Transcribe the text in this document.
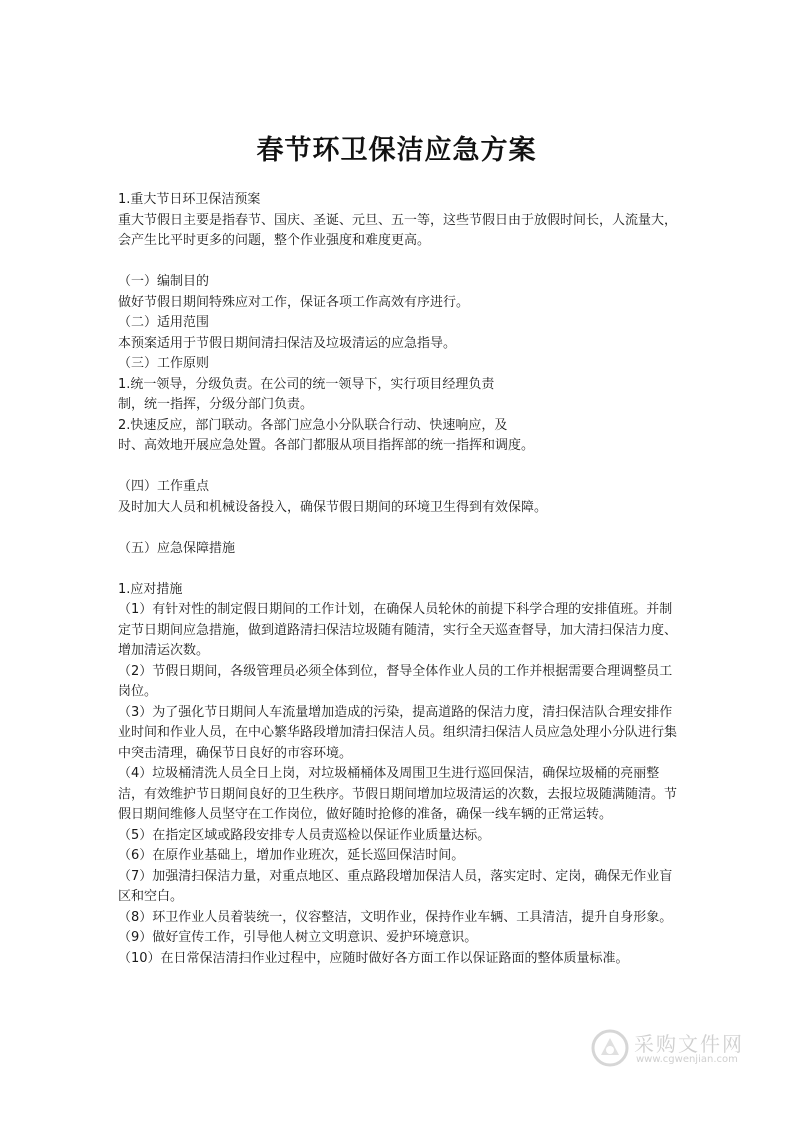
春节环卫保洁应急方案

1.重大节日环卫保洁预案

重大节假日主要是指春节、国庆、圣诞、元旦、五一等，这些节假日由于放假时间长，人流量大，会产生比平时更多的问题，整个作业强度和难度更高。

（一）编制目的

做好节假日期间特殊应对工作，保证各项工作高效有序进行。

（二）适用范围

本预案适用于节假日期间清扫保洁及垃圾清运的应急指导。

（三）工作原则

1.统一领导，分级负责。在公司的统一领导下，实行项目经理负责

制，统一指挥，分级分部门负责。

2.快速反应，部门联动。各部门应急小分队联合行动、快速响应，及

时、高效地开展应急处置。各部门都服从项目指挥部的统一指挥和调度。

（四）工作重点

及时加大人员和机械设备投入，确保节假日期间的环境卫生得到有效保障。

（五）应急保障措施

1.应对措施

（1）有针对性的制定假日期间的工作计划，在确保人员轮休的前提下科学合理的安排值班。并制定节日期间应急措施，做到道路清扫保洁垃圾随有随清，实行全天巡查督导，加大清扫保洁力度、增加清运次数。

（2）节假日期间，各级管理员必须全体到位，督导全体作业人员的工作并根据需要合理调整员工岗位。

（3）为了强化节日期间人车流量增加造成的污染，提高道路的保洁力度，清扫保洁队合理安排作业时间和作业人员，在中心繁华路段增加清扫保洁人员。组织清扫保洁人员应急处理小分队进行集中突击清理，确保节日良好的市容环境。

（4）垃圾桶清洗人员全日上岗，对垃圾桶桶体及周围卫生进行巡回保洁，确保垃圾桶的亮丽整洁，有效维护节日期间良好的卫生秩序。节假日期间增加垃圾清运的次数，去报垃圾随满随清。节假日期间维修人员坚守在工作岗位，做好随时抢修的准备，确保一线车辆的正常运转。

（5）在指定区域或路段安排专人员责巡检以保证作业质量达标。

（6）在原作业基础上，增加作业班次，延长巡回保洁时间。

（7）加强清扫保洁力量，对重点地区、重点路段增加保洁人员，落实定时、定岗，确保无作业盲区和空白。

（8）环卫作业人员着装统一，仪容整洁，文明作业，保持作业车辆、工具清洁，提升自身形象。

（9）做好宣传工作，引导他人树立文明意识、爱护环境意识。

（10）在日常保洁清扫作业过程中，应随时做好各方面工作以保证路面的整体质量标准。

采购文件网
www.cgwenjian.com
